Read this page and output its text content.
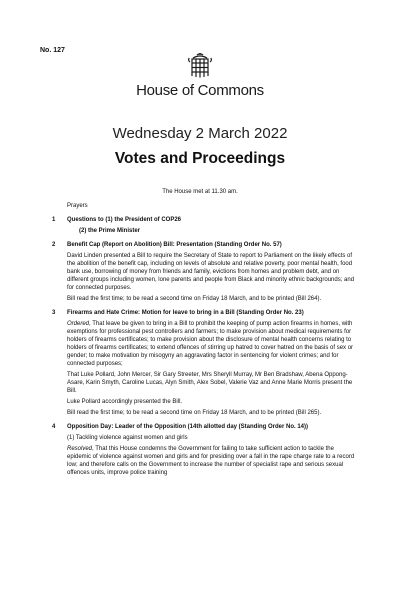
No. 127
House of Commons
Wednesday 2 March 2022
Votes and Proceedings
The House met at 11.30 am.
Prayers
1 Questions to (1) the President of COP26
(2) the Prime Minister
2 Benefit Cap (Report on Abolition) Bill: Presentation (Standing Order No. 57)

David Linden presented a Bill to require the Secretary of State to report to Parliament on the likely effects of the abolition of the benefit cap, including on levels of absolute and relative poverty, poor mental health, food bank use, borrowing of money from friends and family, evictions from homes and problem debt, and on different groups including women, lone parents and people from Black and minority ethnic backgrounds; and for connected purposes.

Bill read the first time; to be read a second time on Friday 18 March, and to be printed (Bill 264).

3 Firearms and Hate Crime: Motion for leave to bring in a Bill (Standing Order No. 23)

Ordered, That leave be given to bring in a Bill to prohibit the keeping of pump action firearms in homes, with exemptions for professional pest controllers and farmers; to make provision about medical requirements for holders of firearms certificates; to make provision about the disclosure of mental health concerns relating to holders of firearms certificates; to extend offences of stirring up hatred to cover hatred on the basis of sex or gender; to make motivation by misogyny an aggravating factor in sentencing for violent crimes; and for connected purposes;

That Luke Pollard, John Mercer, Sir Gary Streeter, Mrs Sheryll Murray, Mr Ben Bradshaw, Abena Oppong-Asare, Karin Smyth, Caroline Lucas, Alyn Smith, Alex Sobel, Valerie Vaz and Anne Marie Morris present the Bill.

Luke Pollard accordingly presented the Bill.

Bill read the first time; to be read a second time on Friday 18 March, and to be printed (Bill 265).

4 Opposition Day: Leader of the Opposition (14th allotted day (Standing Order No. 14))

(1) Tackling violence against women and girls

Resolved, That this House condemns the Government for failing to take sufficient action to tackle the epidemic of violence against women and girls and for presiding over a fall in the rape charge rate to a record low; and therefore calls on the Government to increase the number of specialist rape and serious sexual offences units, improve police training
